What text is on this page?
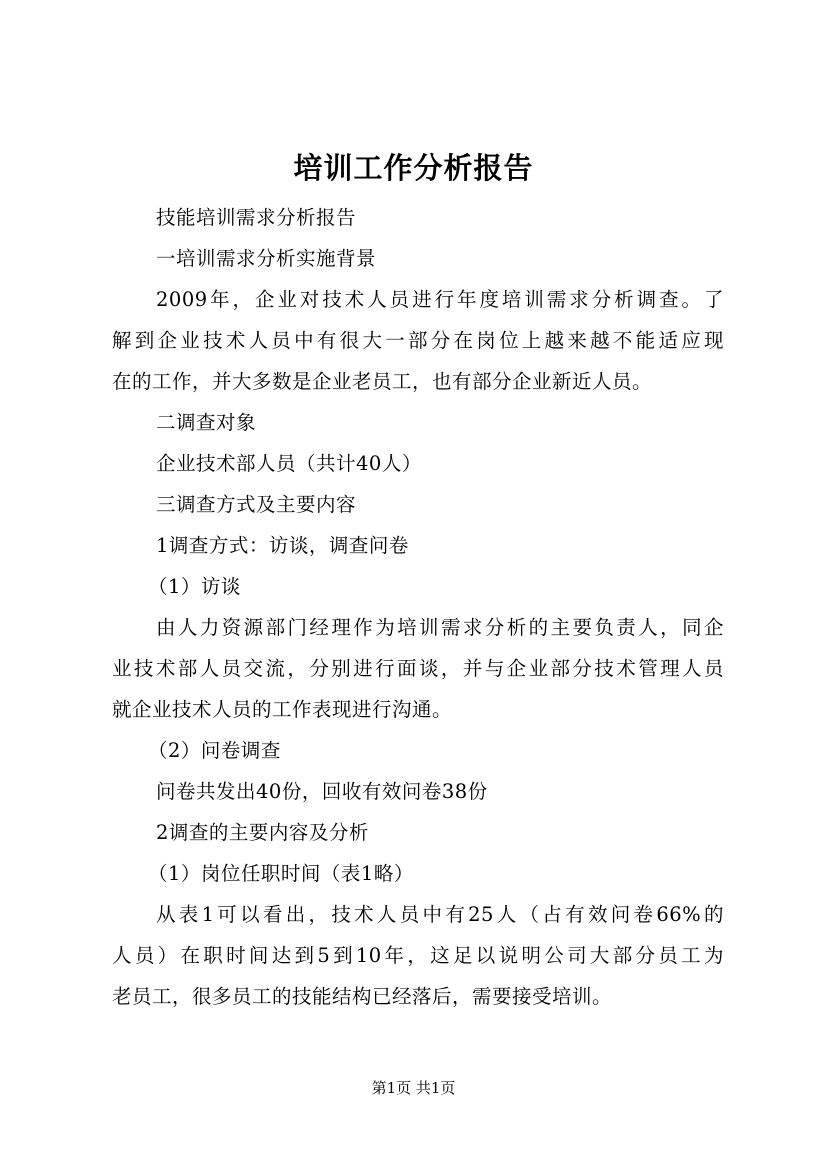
培训工作分析报告
技能培训需求分析报告
一培训需求分析实施背景
2009年，企业对技术人员进行年度培训需求分析调查。了
解到企业技术人员中有很大一部分在岗位上越来越不能适应现
在的工作，并大多数是企业老员工，也有部分企业新近人员。
二调查对象
企业技术部人员（共计40人）
三调查方式及主要内容
1调查方式：访谈，调查问卷
（1）访谈
由人力资源部门经理作为培训需求分析的主要负责人，同企
业技术部人员交流，分别进行面谈，并与企业部分技术管理人员
就企业技术人员的工作表现进行沟通。
（2）问卷调查
问卷共发出40份，回收有效问卷38份
2调查的主要内容及分析
（1）岗位任职时间（表1略）
从表1可以看出，技术人员中有25人（占有效问卷66%的
人员）在职时间达到5到10年，这足以说明公司大部分员工为
老员工，很多员工的技能结构已经落后，需要接受培训。
第1页 共1页
